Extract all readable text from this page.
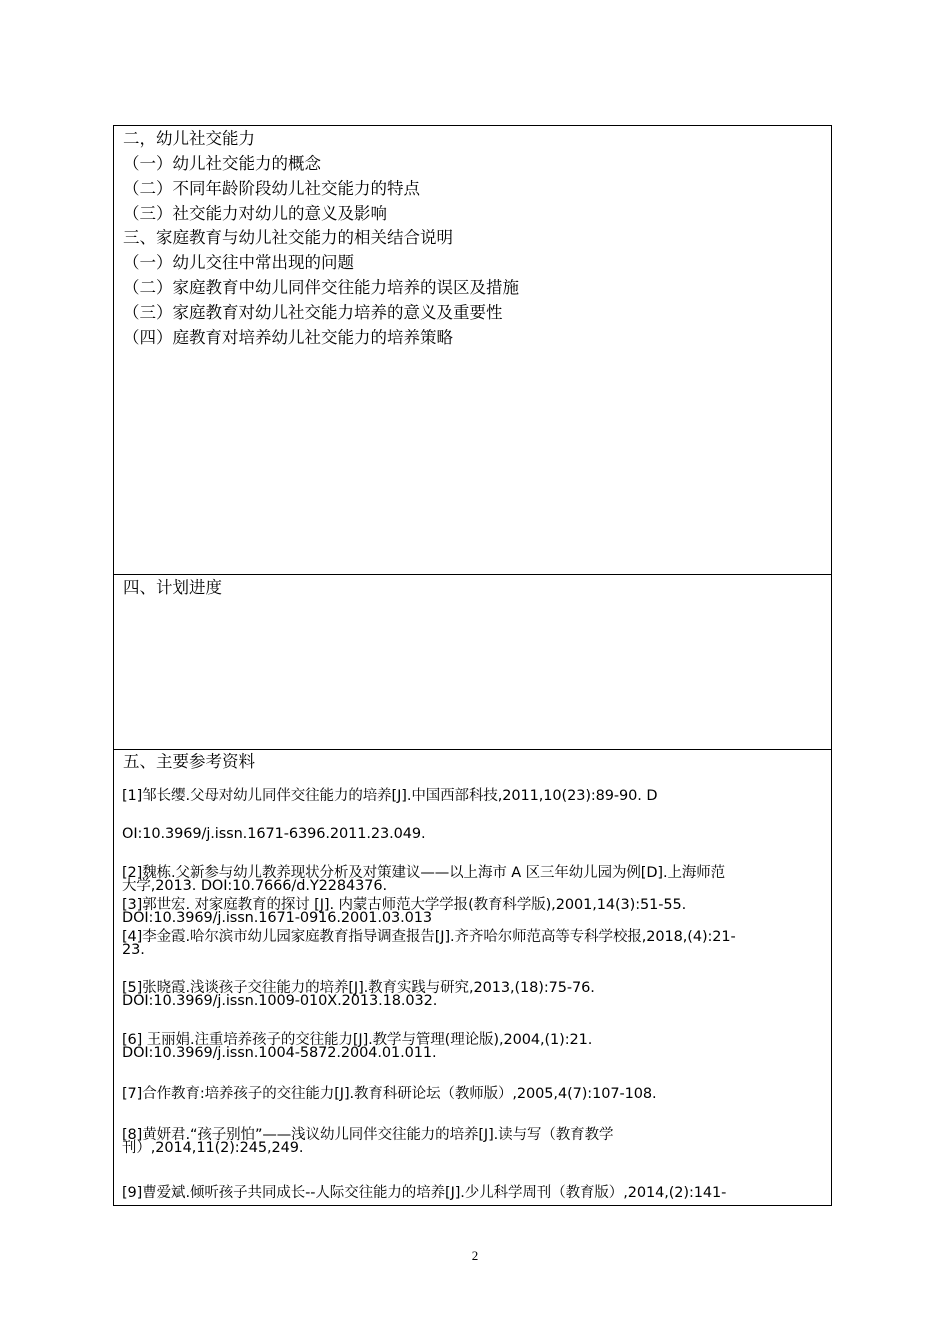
二，幼儿社交能力
（一）幼儿社交能力的概念
（二）不同年龄阶段幼儿社交能力的特点
（三）社交能力对幼儿的意义及影响
三、家庭教育与幼儿社交能力的相关结合说明
（一）幼儿交往中常出现的问题
（二）家庭教育中幼儿同伴交往能力培养的误区及措施
（三）家庭教育对幼儿社交能力培养的意义及重要性
（四）庭教育对培养幼儿社交能力的培养策略
四、计划进度
五、主要参考资料
[1]邹长缨.父母对幼儿同伴交往能力的培养[J].中国西部科技,2011,10(23):89-90. D
OI:10.3969/j.issn.1671-6396.2011.23.049.
[2]魏栋.父新参与幼儿教养现状分析及对策建议——以上海市 A 区三年幼儿园为例[D].上海师范
大学,2013. DOI:10.7666/d.Y2284376.
[3]郭世宏. 对家庭教育的探讨 [J]. 内蒙古师范大学学报(教育科学版),2001,14(3):51-55.
DOI:10.3969/j.issn.1671-0916.2001.03.013
[4]李金霞.哈尔滨市幼儿园家庭教育指导调查报告[J].齐齐哈尔师范高等专科学校报,2018,(4):21-
23.
[5]张晓霞.浅谈孩子交往能力的培养[J].教育实践与研究,2013,(18):75-76.
DOI:10.3969/j.issn.1009-010X.2013.18.032.
[6] 王丽娟.注重培养孩子的交往能力[J].教学与管理(理论版),2004,(1):21.
DOI:10.3969/j.issn.1004-5872.2004.01.011.
[7]合作教育:培养孩子的交往能力[J].教育科研论坛（教师版）,2005,4(7):107-108.
[8]黄妍君.“孩子别怕”——浅议幼儿同伴交往能力的培养[J].读与写（教育教学
刊）,2014,11(2):245,249.
[9]曹爱斌.倾听孩子共同成长--人际交往能力的培养[J].少儿科学周刊（教育版）,2014,(2):141-
2
